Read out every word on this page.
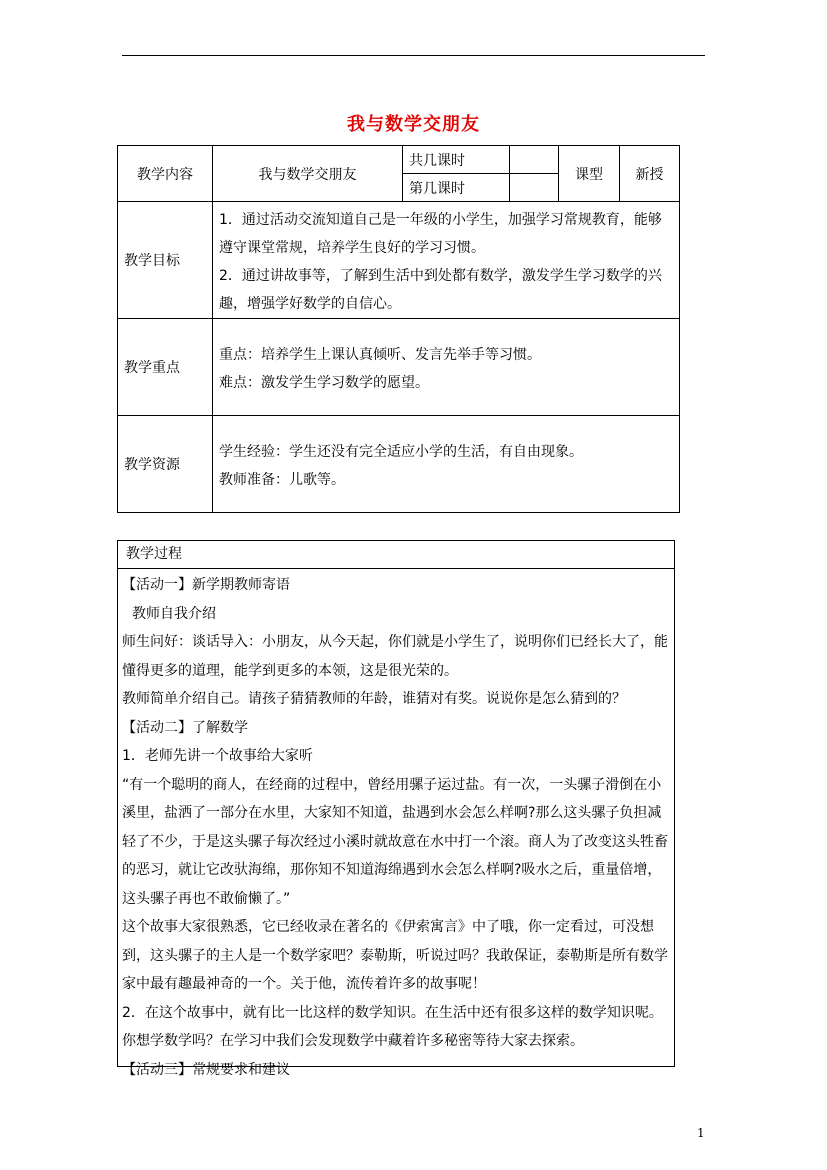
我与数学交朋友
教学内容	我与数学交朋友	共几课时		课型	新授
		第几课时			
教学目标	1．通过活动交流知道自己是一年级的小学生，加强学习常规教育，能够遵守课堂常规，培养学生良好的学习习惯。

2．通过讲故事等，了解到生活中到处都有数学，激发学生学习数学的兴趣，增强学好数学的自信心。				

教学重点	重点：培养学生上课认真倾听、发言先举手等习惯。

难点：激发学生学习数学的愿望。				

教学资源	学生经验：学生还没有完全适应小学的生活，有自由现象。

教师准备：儿歌等。				

教学过程

【活动一】新学期教师寄语

教师自我介绍

师生问好：谈话导入：小朋友，从今天起，你们就是小学生了，说明你们已经长大了，能懂得更多的道理，能学到更多的本领，这是很光荣的。

教师简单介绍自己。请孩子猜猜教师的年龄，谁猜对有奖。说说你是怎么猜到的？

【活动二】了解数学

1．老师先讲一个故事给大家听

“有一个聪明的商人，在经商的过程中，曾经用骡子运过盐。有一次，一头骡子滑倒在小溪里，盐洒了一部分在水里，大家知不知道，盐遇到水会怎么样啊?那么这头骡子负担减轻了不少，于是这头骡子每次经过小溪时就故意在水中打一个滚。商人为了改变这头牲畜的恶习，就让它改驮海绵，那你知不知道海绵遇到水会怎么样啊?吸水之后，重量倍增，这头骡子再也不敢偷懒了。”

这个故事大家很熟悉，它已经收录在著名的《伊索寓言》中了哦，你一定看过，可没想到，这头骡子的主人是一个数学家吧？泰勒斯，听说过吗？我敢保证，泰勒斯是所有数学家中最有趣最神奇的一个。关于他，流传着许多的故事呢！

2．在这个故事中，就有比一比这样的数学知识。在生活中还有很多这样的数学知识呢。你想学数学吗？在学习中我们会发现数学中藏着许多秘密等待大家去探索。

【活动三】常规要求和建议

1
